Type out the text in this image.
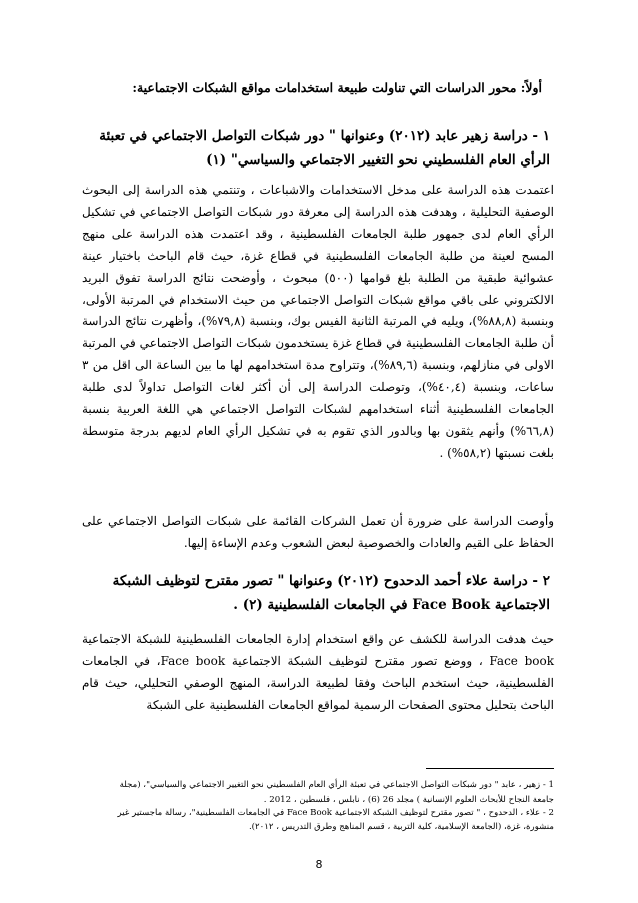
أولاً: محور الدراسات التي تناولت طبيعة استخدامات مواقع الشبكات الاجتماعية:
١ - دراسة زهير عابد (٢٠١٢) وعنوانها " دور شبكات التواصل الاجتماعي في تعبئة
الرأي العام الفلسطيني نحو التغيير الاجتماعي والسياسي" (١)

اعتمدت هذه الدراسة على مدخل الاستخدامات والاشباعات ، وتنتمي هذه الدراسة إلى البحوث الوصفية التحليلية ، وهدفت هذه الدراسة إلى معرفة دور شبكات التواصل الاجتماعي في تشكيل الرأي العام لدى جمهور طلبة الجامعات الفلسطينية ، وقد اعتمدت هذه الدراسة على منهج المسح لعينة من طلبة الجامعات الفلسطينية في قطاع غزة، حيث قام الباحث باختيار عينة عشوائية طبقية من الطلبة بلغ قوامها (٥٠٠) مبحوث ، وأوضحت نتائج الدراسة تفوق البريد الالكتروني على باقي مواقع شبكات التواصل الاجتماعي من حيث الاستخدام في المرتبة الأولى، وبنسبة (٨٨,٨%)، ويليه في المرتبة الثانية الفيس بوك، وبنسبة (٧٩,٨%)، وأظهرت نتائج الدراسة أن طلبة الجامعات الفلسطينية في قطاع غزة يستخدمون شبكات التواصل الاجتماعي في المرتبة الاولى في منازلهم، وبنسبة (٨٩,٦%)، وتتراوح مدة استخدامهم لها ما بين الساعة الى اقل من ٣ ساعات، وبنسبة (٤٠,٤%)، وتوصلت الدراسة إلى أن أكثر لغات التواصل تداولاً لدى طلبة الجامعات الفلسطينية أثناء استخدامهم لشبكات التواصل الاجتماعي هي اللغة العربية بنسبة (٦٦,٨%) وأنهم يثقون بها وبالدور الذي تقوم به في تشكيل الرأي العام لديهم بدرجة متوسطة بلغت نسبتها (٥٨,٢%) .

وأوصت الدراسة على ضرورة أن تعمل الشركات القائمة على شبكات التواصل الاجتماعي على الحفاظ على القيم والعادات والخصوصية لبعض الشعوب وعدم الإساءة إليها.

٢ - دراسة علاء أحمد الدحدوح (٢٠١٢) وعنوانها " تصور مقترح لتوظيف الشبكة
الاجتماعية Face Book في الجامعات الفلسطينية (٢) .

حيث هدفت الدراسة للكشف عن واقع استخدام إدارة الجامعات الفلسطينية للشبكة الاجتماعية Face book ، ووضع تصور مقترح لتوظيف الشبكة الاجتماعية Face book، في الجامعات الفلسطينية، حيث استخدم الباحث وفقا لطبيعة الدراسة، المنهج الوصفي التحليلي، حيث قام الباحث بتحليل محتوى الصفحات الرسمية لمواقع الجامعات الفلسطينية على الشبكة

1 - زهير ، عابد " دور شبكات التواصل الاجتماعي في تعبئة الرأي العام الفلسطيني نحو التغيير الاجتماعي والسياسي"، (مجلة
جامعة النجاح للأبحاث العلوم الإنسانية ) مجلد 26 (6) ، نابلس ، فلسطين ، 2012 .
2 - علاء ، الدحدوح ، " تصور مقترح لتوظيف الشبكة الاجتماعية Face Book في الجامعات الفلسطينية"، رسالة ماجستير غير
منشورة، غزة، (الجامعة الإسلامية، كلية التربية ، قسم المناهج وطرق التدريس ، ٢٠١٢).
8
